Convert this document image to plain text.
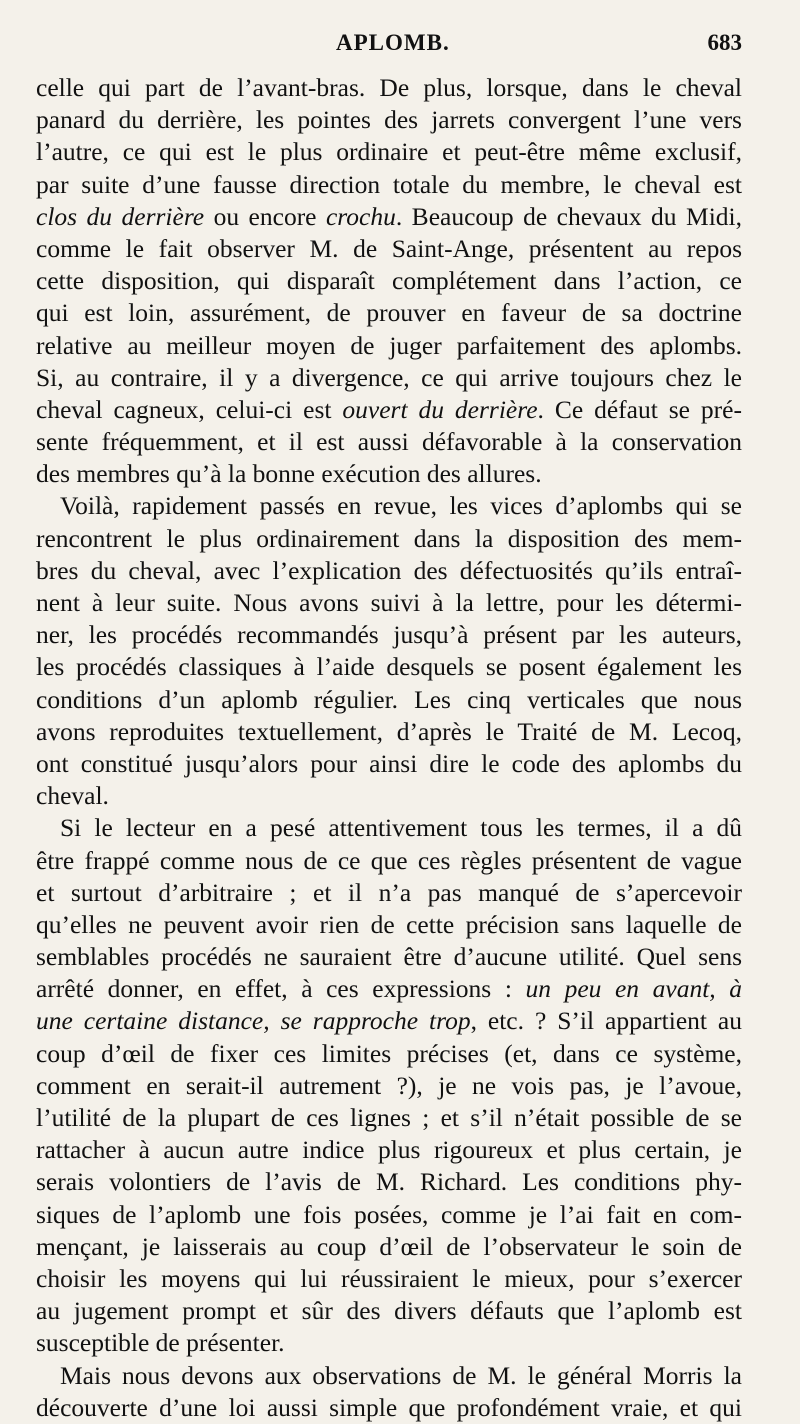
APLOMB.	683
celle qui part de l’avant-bras. De plus, lorsque, dans le cheval
panard du derrière, les pointes des jarrets convergent l’une vers
l’autre, ce qui est le plus ordinaire et peut-être même exclusif,
par suite d’une fausse direction totale du membre, le cheval est
clos du derrière ou encore crochu. Beaucoup de chevaux du Midi,
comme le fait observer M. de Saint-Ange, présentent au repos
cette disposition, qui disparaît complétement dans l’action, ce
qui est loin, assurément, de prouver en faveur de sa doctrine
relative au meilleur moyen de juger parfaitement des aplombs.
Si, au contraire, il y a divergence, ce qui arrive toujours chez le
cheval cagneux, celui-ci est ouvert du derrière. Ce défaut se pré-
sente fréquemment, et il est aussi défavorable à la conservation
des membres qu’à la bonne exécution des allures.
Voilà, rapidement passés en revue, les vices d’aplombs qui se
rencontrent le plus ordinairement dans la disposition des mem-
bres du cheval, avec l’explication des défectuosités qu’ils entraî-
nent à leur suite. Nous avons suivi à la lettre, pour les détermi-
ner, les procédés recommandés jusqu’à présent par les auteurs,
les procédés classiques à l’aide desquels se posent également les
conditions d’un aplomb régulier. Les cinq verticales que nous
avons reproduites textuellement, d’après le Traité de M. Lecoq,
ont constitué jusqu’alors pour ainsi dire le code des aplombs du
cheval.
Si le lecteur en a pesé attentivement tous les termes, il a dû
être frappé comme nous de ce que ces règles présentent de vague
et surtout d’arbitraire ; et il n’a pas manqué de s’apercevoir
qu’elles ne peuvent avoir rien de cette précision sans laquelle de
semblables procédés ne sauraient être d’aucune utilité. Quel sens
arrêté donner, en effet, à ces expressions : un peu en avant, à
une certaine distance, se rapproche trop, etc. ? S’il appartient au
coup d’œil de fixer ces limites précises (et, dans ce système,
comment en serait-il autrement ?), je ne vois pas, je l’avoue,
l’utilité de la plupart de ces lignes ; et s’il n’était possible de se
rattacher à aucun autre indice plus rigoureux et plus certain, je
serais volontiers de l’avis de M. Richard. Les conditions phy-
siques de l’aplomb une fois posées, comme je l’ai fait en com-
mençant, je laisserais au coup d’œil de l’observateur le soin de
choisir les moyens qui lui réussiraient le mieux, pour s’exercer
au jugement prompt et sûr des divers défauts que l’aplomb est
susceptible de présenter.
Mais nous devons aux observations de M. le général Morris la
découverte d’une loi aussi simple que profondément vraie, et qui
